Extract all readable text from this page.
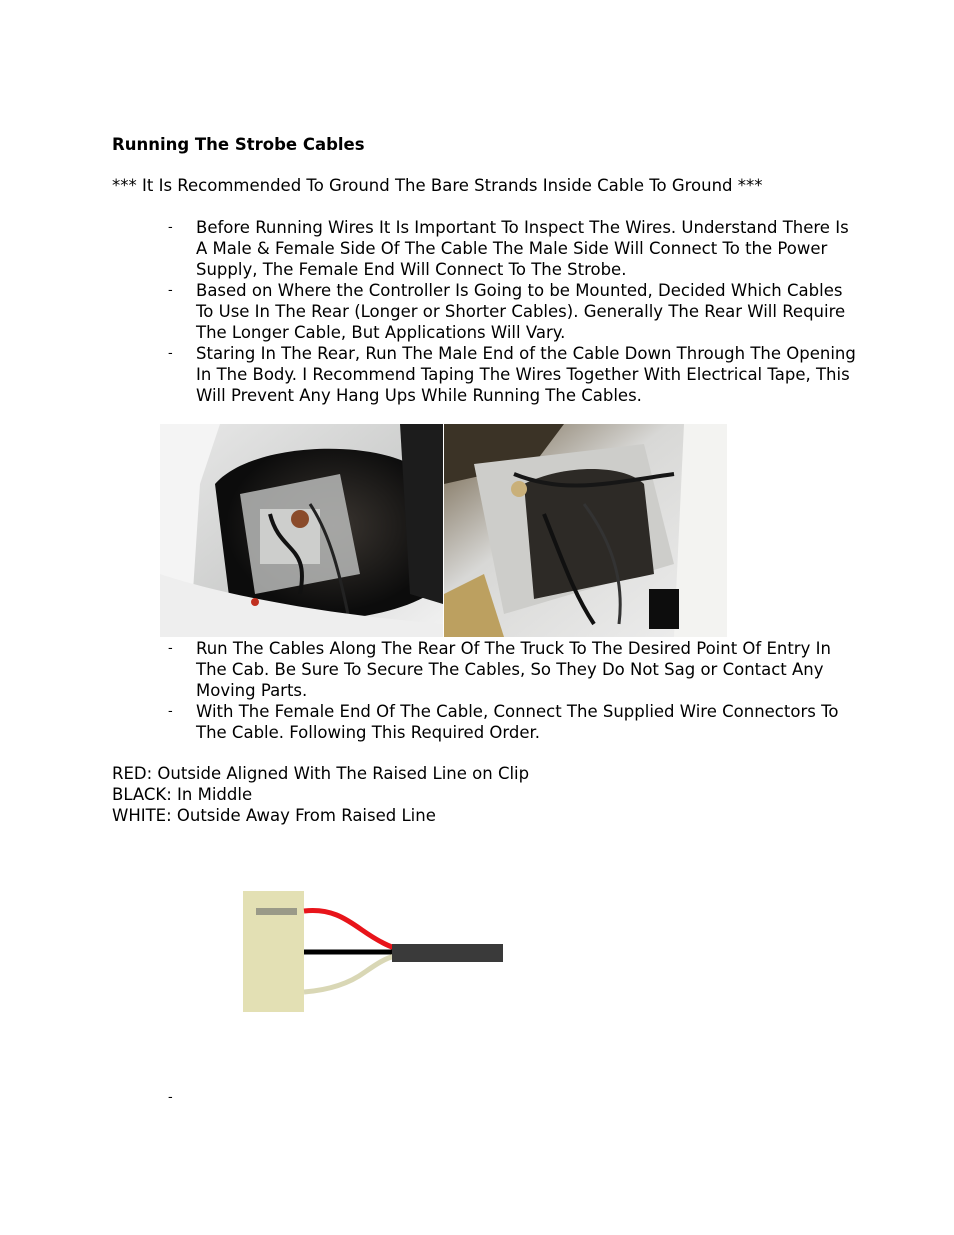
Running The Strobe Cables
*** It Is Recommended To Ground The Bare Strands Inside Cable To Ground ***
- Before Running Wires It Is Important To Inspect The Wires. Understand There Is A Male & Female Side Of The Cable The Male Side Will Connect To the Power Supply, The Female End Will Connect To The Strobe.
- Based on Where the Controller Is Going to be Mounted, Decided Which Cables To Use In The Rear (Longer or Shorter Cables). Generally The Rear Will Require The Longer Cable, But Applications Will Vary.
- Staring In The Rear, Run The Male End of the Cable Down Through The Opening In The Body. I Recommend Taping The Wires Together With Electrical Tape, This Will Prevent Any Hang Ups While Running The Cables.
- Run The Cables Along The Rear Of The Truck To The Desired Point Of Entry In The Cab. Be Sure To Secure The Cables, So They Do Not Sag or Contact Any Moving Parts.
- With The Female End Of The Cable, Connect The Supplied Wire Connectors To The Cable. Following This Required Order.
RED: Outside Aligned With The Raised Line on Clip
BLACK: In Middle
WHITE: Outside Away From Raised Line
-
